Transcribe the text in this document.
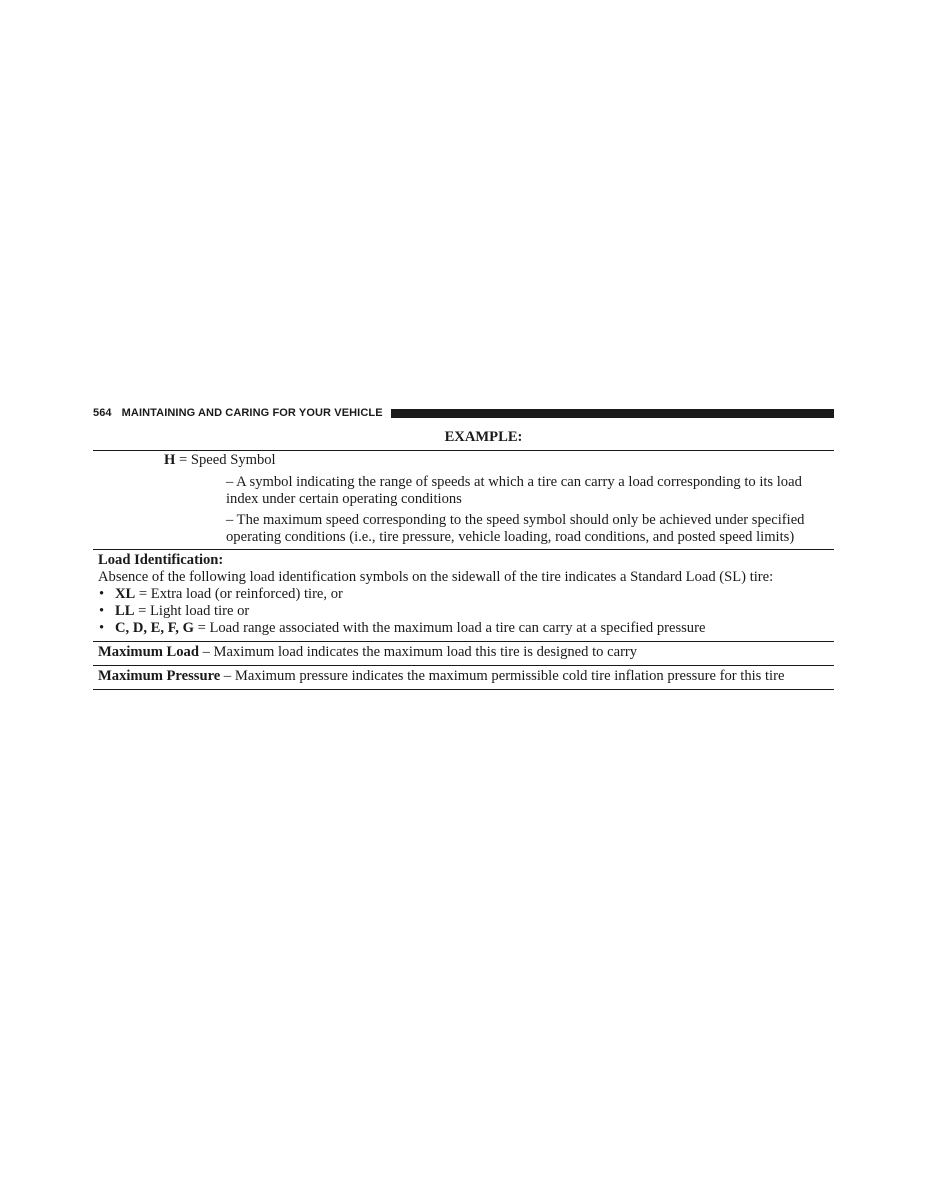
564 MAINTAINING AND CARING FOR YOUR VEHICLE
EXAMPLE:
H = Speed Symbol
– A symbol indicating the range of speeds at which a tire can carry a load corresponding to its load index under certain operating conditions
– The maximum speed corresponding to the speed symbol should only be achieved under specified operating conditions (i.e., tire pressure, vehicle loading, road conditions, and posted speed limits)
Load Identification:
Absence of the following load identification symbols on the sidewall of the tire indicates a Standard Load (SL) tire:
• XL = Extra load (or reinforced) tire, or
• LL = Light load tire or
• C, D, E, F, G = Load range associated with the maximum load a tire can carry at a specified pressure
Maximum Load – Maximum load indicates the maximum load this tire is designed to carry
Maximum Pressure – Maximum pressure indicates the maximum permissible cold tire inflation pressure for this tire
